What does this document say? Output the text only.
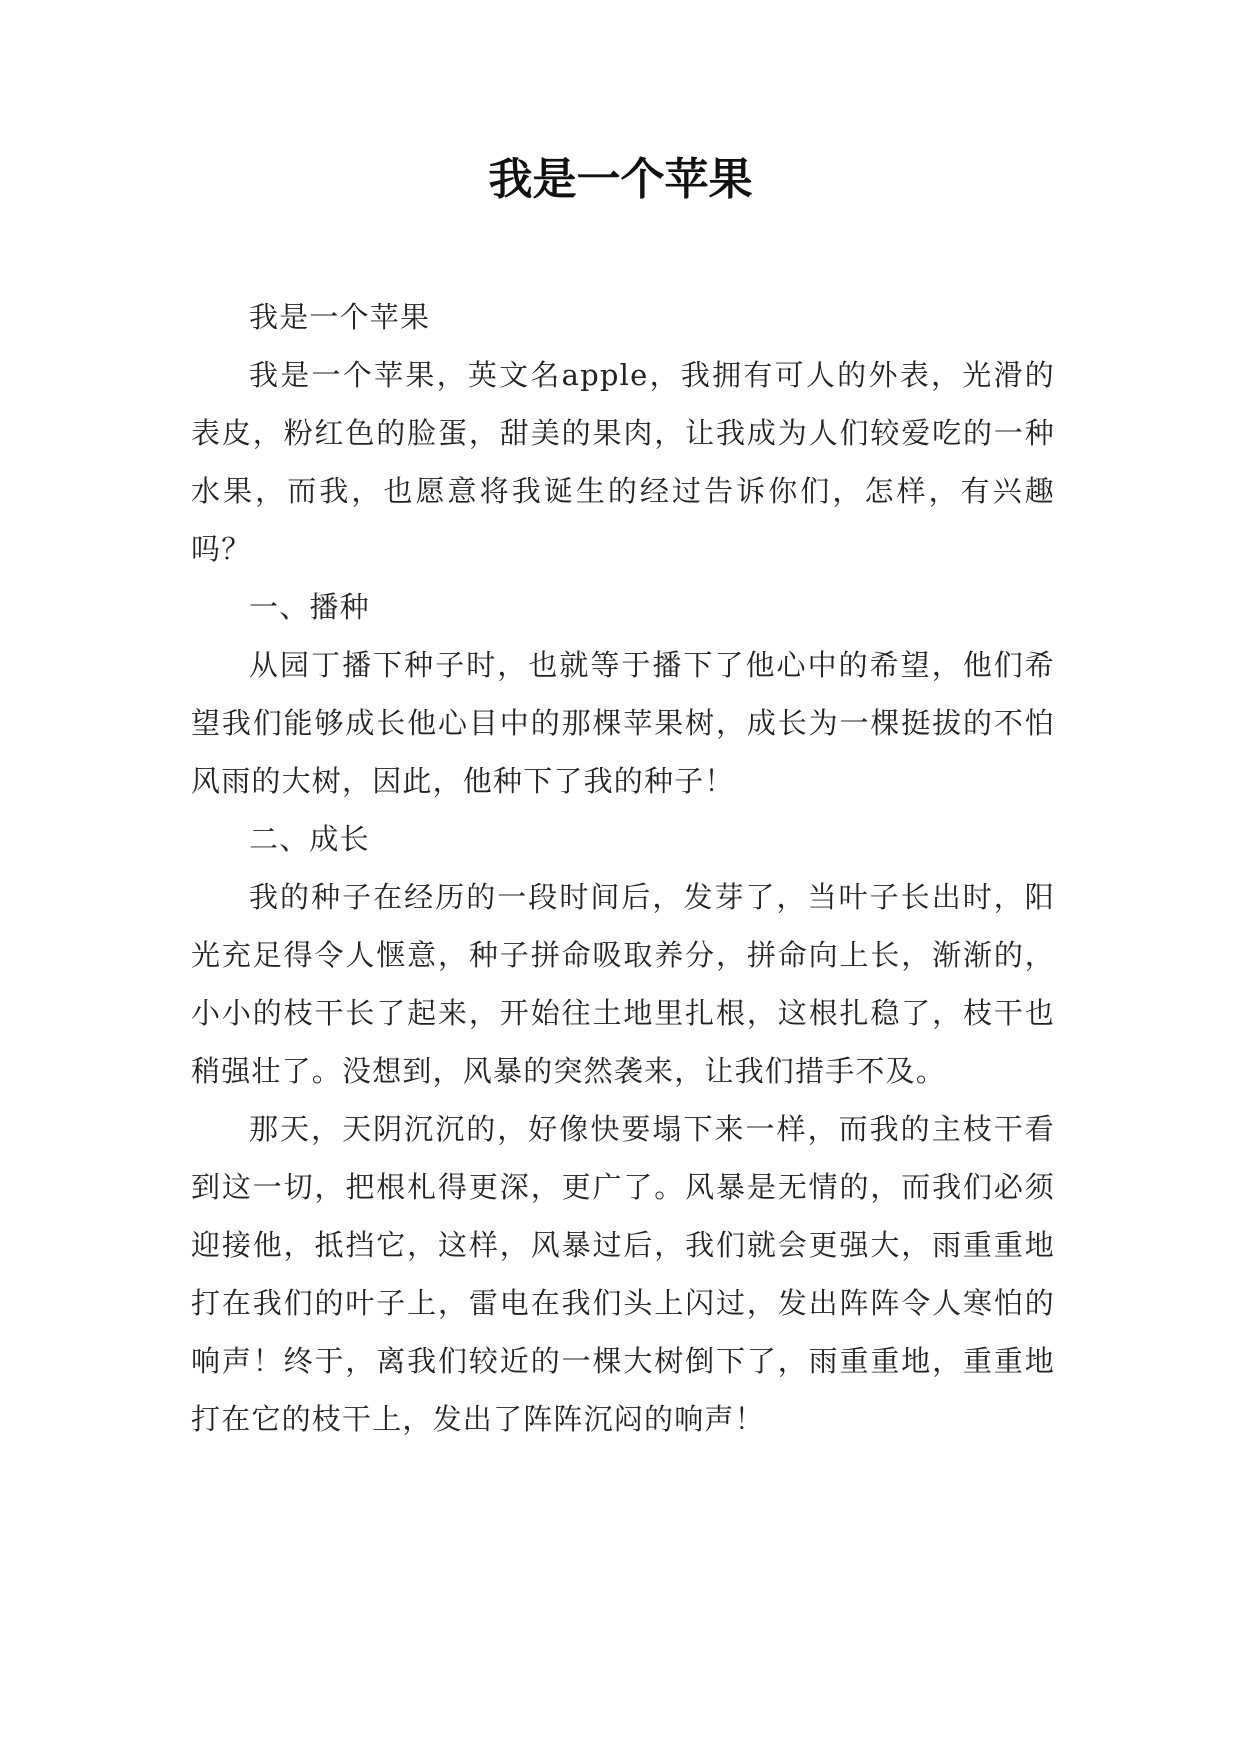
我是一个苹果

我是一个苹果

我是一个苹果，英文名apple，我拥有可人的外表，光滑的表皮，粉红色的脸蛋，甜美的果肉，让我成为人们较爱吃的一种水果，而我，也愿意将我诞生的经过告诉你们，怎样，有兴趣吗？

一、播种

从园丁播下种子时，也就等于播下了他心中的希望，他们希望我们能够成长他心目中的那棵苹果树，成长为一棵挺拔的不怕风雨的大树，因此，他种下了我的种子！

二、成长

我的种子在经历的一段时间后，发芽了，当叶子长出时，阳光充足得令人惬意，种子拼命吸取养分，拼命向上长，渐渐的，小小的枝干长了起来，开始往土地里扎根，这根扎稳了，枝干也稍强壮了。没想到，风暴的突然袭来，让我们措手不及。

那天，天阴沉沉的，好像快要塌下来一样，而我的主枝干看到这一切，把根札得更深，更广了。风暴是无情的，而我们必须迎接他，抵挡它，这样，风暴过后，我们就会更强大，雨重重地打在我们的叶子上，雷电在我们头上闪过，发出阵阵令人寒怕的响声！终于，离我们较近的一棵大树倒下了，雨重重地，重重地打在它的枝干上，发出了阵阵沉闷的响声！
